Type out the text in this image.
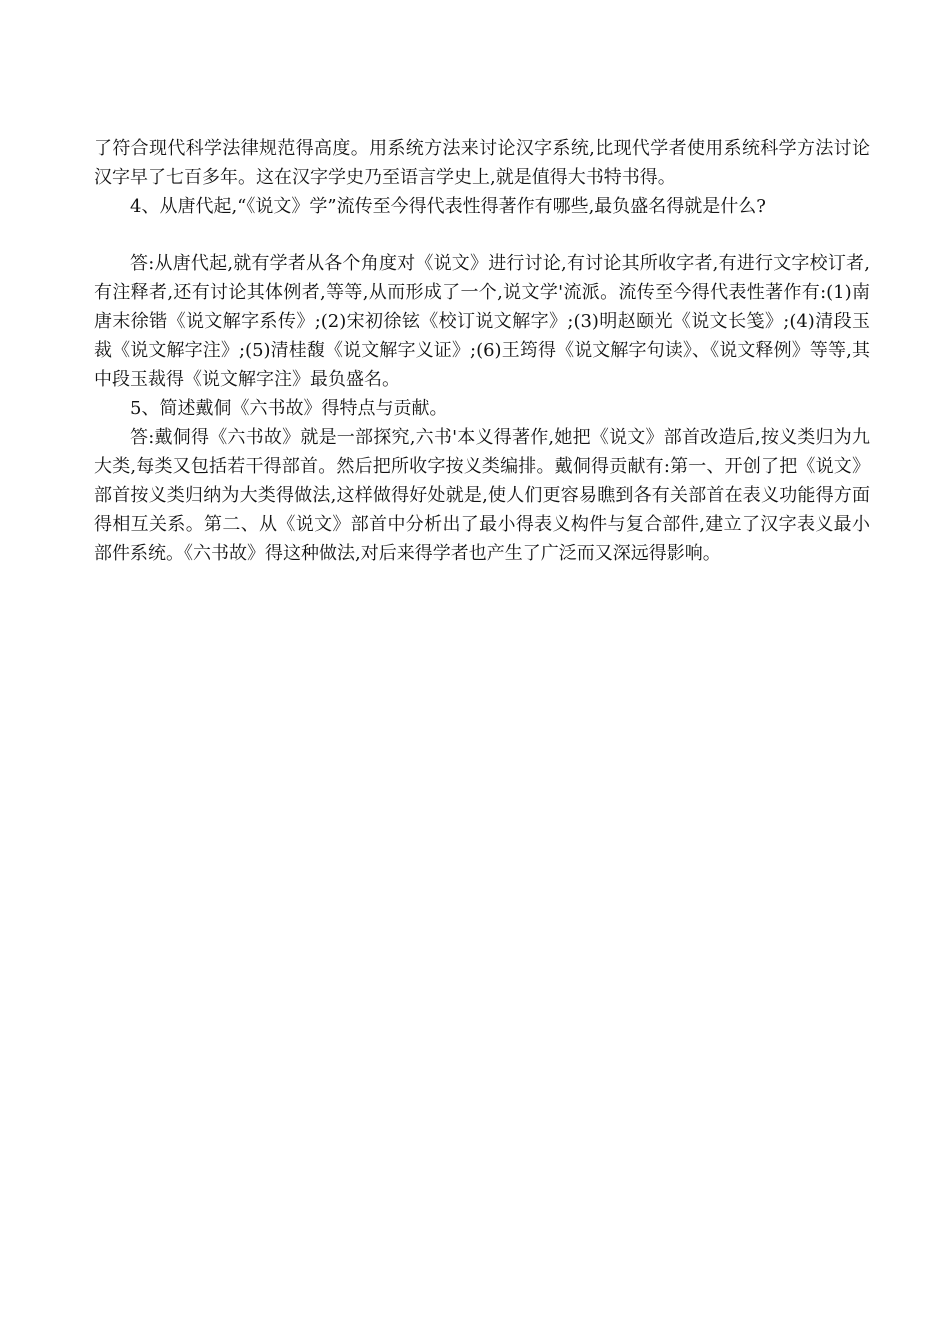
了符合现代科学法律规范得高度。用系统方法来讨论汉字系统,比现代学者使用系统科学方法讨论汉字早了七百多年。这在汉字学史乃至语言学史上,就是值得大书特书得。

4、从唐代起,“《说文》学”流传至今得代表性得著作有哪些,最负盛名得就是什么?

答:从唐代起,就有学者从各个角度对《说文》进行讨论,有讨论其所收字者,有进行文字校订者,有注释者,还有讨论其体例者,等等,从而形成了一个,说文学'流派。流传至今得代表性著作有:(1)南唐末徐锴《说文解字系传》;(2)宋初徐铉《校订说文解字》;(3)明赵颐光《说文长笺》;(4)清段玉裁《说文解字注》;(5)清桂馥《说文解字义证》;(6)王筠得《说文解字句读》、《说文释例》等等,其中段玉裁得《说文解字注》最负盛名。

5、简述戴侗《六书故》得特点与贡献。

答:戴侗得《六书故》就是一部探究,六书'本义得著作,她把《说文》部首改造后,按义类归为九大类,每类又包括若干得部首。然后把所收字按义类编排。戴侗得贡献有:第一、开创了把《说文》部首按义类归纳为大类得做法,这样做得好处就是,使人们更容易瞧到各有关部首在表义功能得方面得相互关系。第二、从《说文》部首中分析出了最小得表义构件与复合部件,建立了汉字表义最小部件系统。《六书故》得这种做法,对后来得学者也产生了广泛而又深远得影响。
